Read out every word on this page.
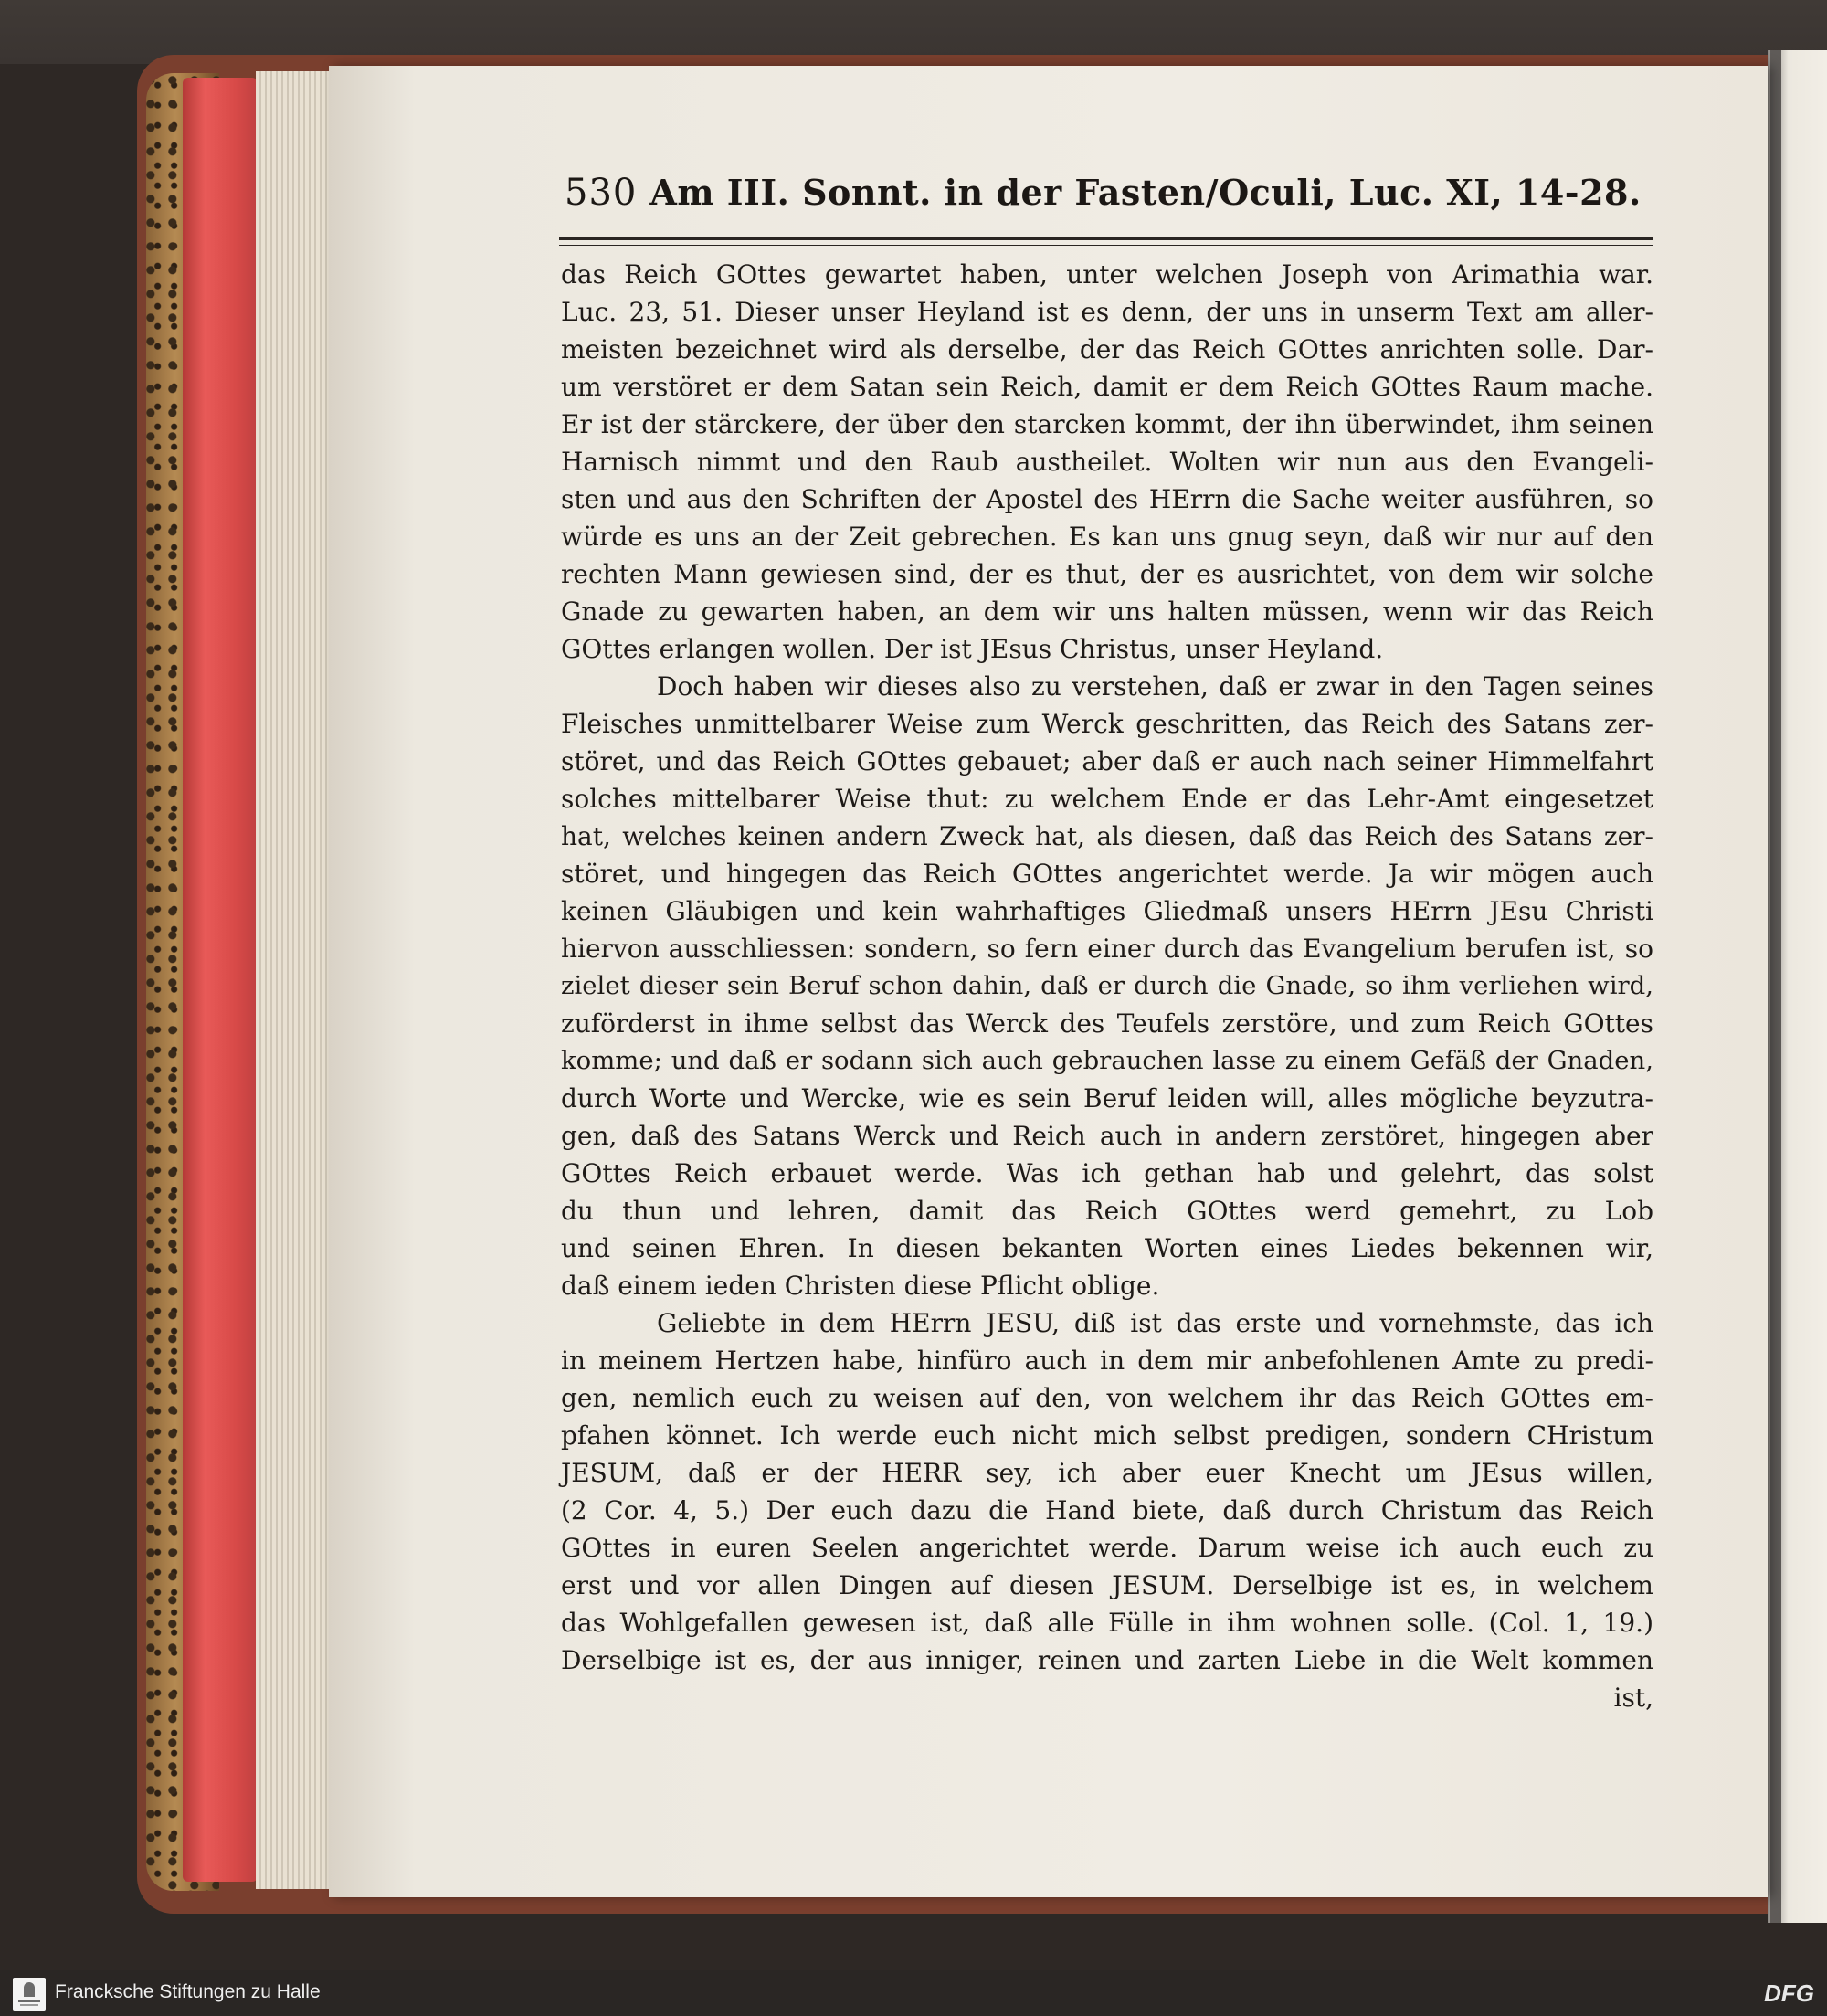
530 Am III. Sonnt. in der Fasten/Oculi, Luc. XI, 14-28.
das Reich GOttes gewartet haben, unter welchen Joseph von Arimathia war.
Luc. 23, 51. Dieser unser Heyland ist es denn, der uns in unserm Text am aller-
meisten bezeichnet wird als derselbe, der das Reich GOttes anrichten solle. Dar-
um verstöret er dem Satan sein Reich, damit er dem Reich GOttes Raum mache.
Er ist der stärckere, der über den starcken kommt, der ihn überwindet, ihm seinen
Harnisch nimmt und den Raub austheilet. Wolten wir nun aus den Evangeli-
sten und aus den Schriften der Apostel des HErrn die Sache weiter ausführen, so
würde es uns an der Zeit gebrechen. Es kan uns gnug seyn, daß wir nur auf den
rechten Mann gewiesen sind, der es thut, der es ausrichtet, von dem wir solche
Gnade zu gewarten haben, an dem wir uns halten müssen, wenn wir das Reich
GOttes erlangen wollen. Der ist JEsus Christus, unser Heyland.
Doch haben wir dieses also zu verstehen, daß er zwar in den Tagen seines
Fleisches unmittelbarer Weise zum Werck geschritten, das Reich des Satans zer-
störet, und das Reich GOttes gebauet; aber daß er auch nach seiner Himmelfahrt
solches mittelbarer Weise thut: zu welchem Ende er das Lehr-Amt eingesetzet
hat, welches keinen andern Zweck hat, als diesen, daß das Reich des Satans zer-
störet, und hingegen das Reich GOttes angerichtet werde. Ja wir mögen auch
keinen Gläubigen und kein wahrhaftiges Gliedmaß unsers HErrn JEsu Christi
hiervon ausschliessen: sondern, so fern einer durch das Evangelium berufen ist, so
zielet dieser sein Beruf schon dahin, daß er durch die Gnade, so ihm verliehen wird,
zuförderst in ihme selbst das Werck des Teufels zerstöre, und zum Reich GOttes
komme; und daß er sodann sich auch gebrauchen lasse zu einem Gefäß der Gnaden,
durch Worte und Wercke, wie es sein Beruf leiden will, alles mögliche beyzutra-
gen, daß des Satans Werck und Reich auch in andern zerstöret, hingegen aber
GOttes Reich erbauet werde. Was ich gethan hab und gelehrt, das solst
du thun und lehren, damit das Reich GOttes werd gemehrt, zu Lob
und seinen Ehren. In diesen bekanten Worten eines Liedes bekennen wir,
daß einem ieden Christen diese Pflicht oblige.
Geliebte in dem HErrn JESU, diß ist das erste und vornehmste, das ich
in meinem Hertzen habe, hinfüro auch in dem mir anbefohlenen Amte zu predi-
gen, nemlich euch zu weisen auf den, von welchem ihr das Reich GOttes em-
pfahen könnet. Ich werde euch nicht mich selbst predigen, sondern CHristum
JESUM, daß er der HERR sey, ich aber euer Knecht um JEsus willen,
(2 Cor. 4, 5.) Der euch dazu die Hand biete, daß durch Christum das Reich
GOttes in euren Seelen angerichtet werde. Darum weise ich auch euch zu
erst und vor allen Dingen auf diesen JESUM. Derselbige ist es, in welchem
das Wohlgefallen gewesen ist, daß alle Fülle in ihm wohnen solle. (Col. 1, 19.)
Derselbige ist es, der aus inniger, reinen und zarten Liebe in die Welt kommen
ist,
Francksche Stiftungen zu Halle	DFG
